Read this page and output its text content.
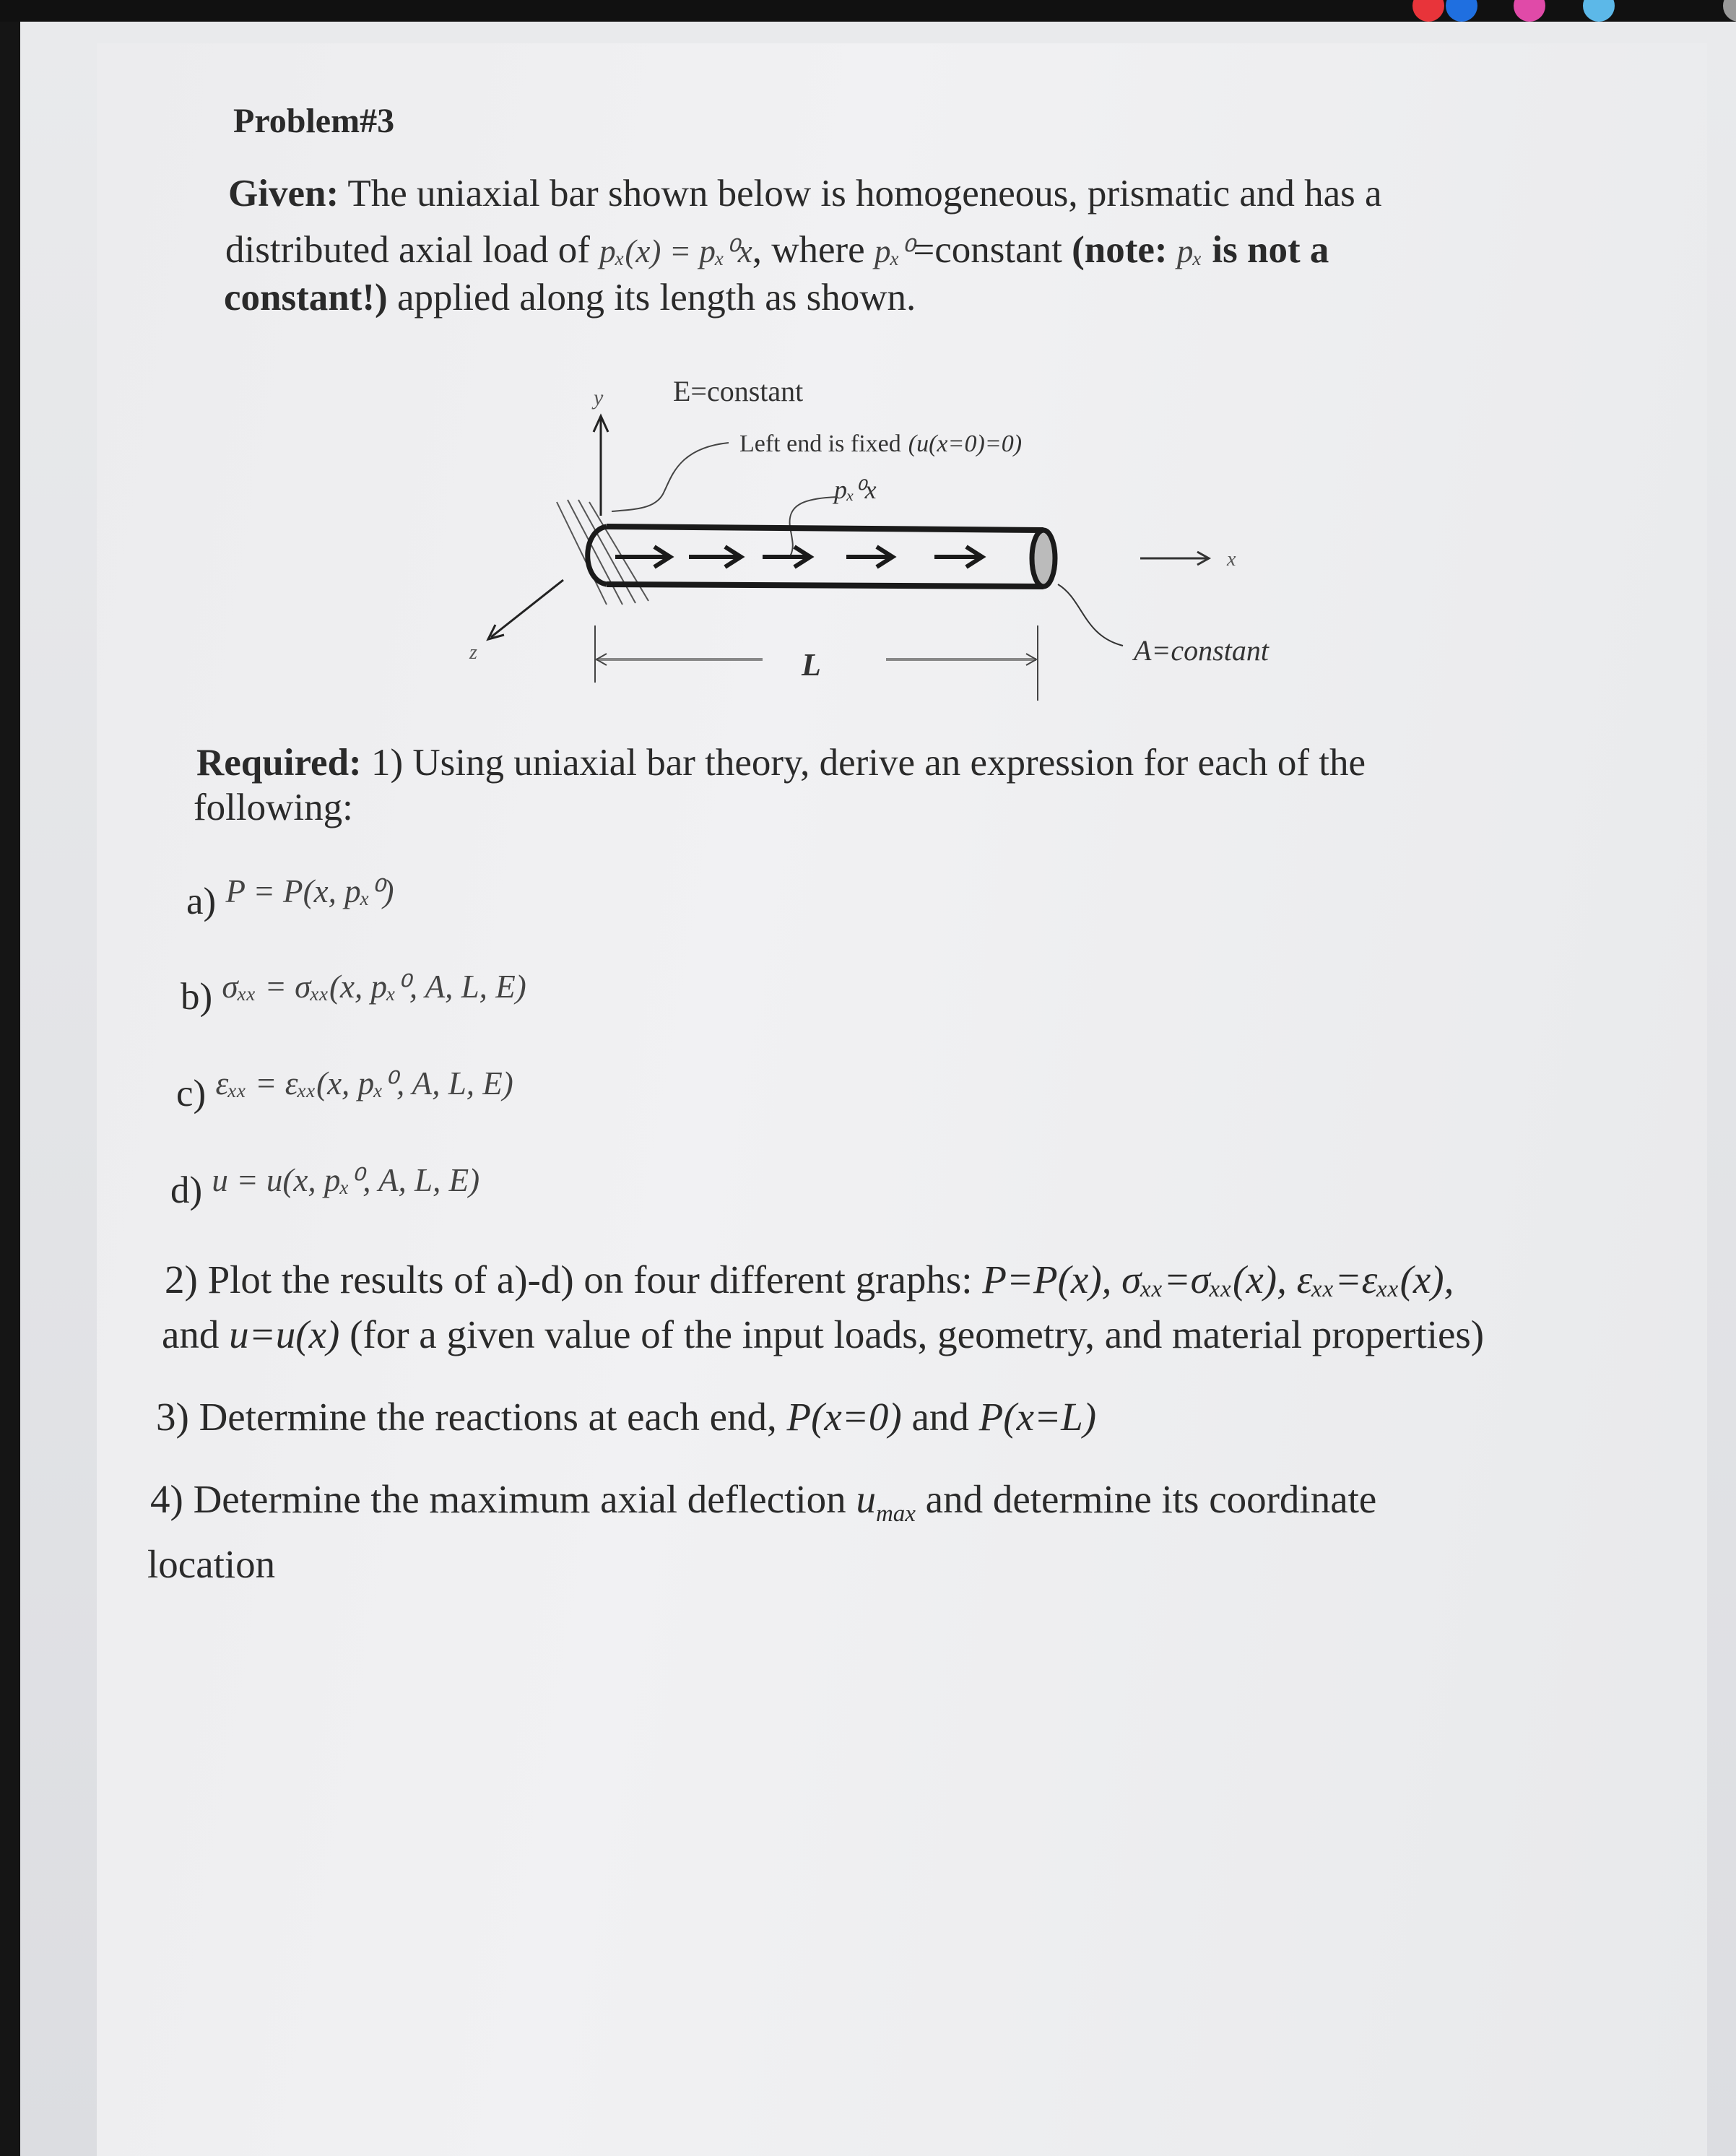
Problem#3
Given: The uniaxial bar shown below is homogeneous, prismatic and has a
distributed axial load of pₓ(x) = pₓ⁰x, where pₓ⁰=constant (note: pₓ is not a
constant!) applied along its length as shown.
y
z
E=constant
Left end is fixed (u(x=0)=0)
pₓ⁰x
x
L	A=constant
Required: 1) Using uniaxial bar theory, derive an expression for each of the
following:
a) $^{P = P(x, p_x^0)}$
b) $^{\sigma_{xx} = \sigma_{xx}(x, p_x^0, A, L, E)}$
c) $^{\varepsilon_{xx} = \varepsilon_{xx}(x, p_x^0, A, L, E)}$
d) $^{u = u(x, p_x^0, A, L, E)}$
2) Plot the results of a)-d) on four different graphs: P=P(x), σₓₓ=σₓₓ(x), εₓₓ=εₓₓ(x),
and u=u(x) (for a given value of the input loads, geometry, and material properties)
3) Determine the reactions at each end, P(x=0) and P(x=L)
4) Determine the maximum axial deflection $u_{max}$ and determine its coordinate
location
